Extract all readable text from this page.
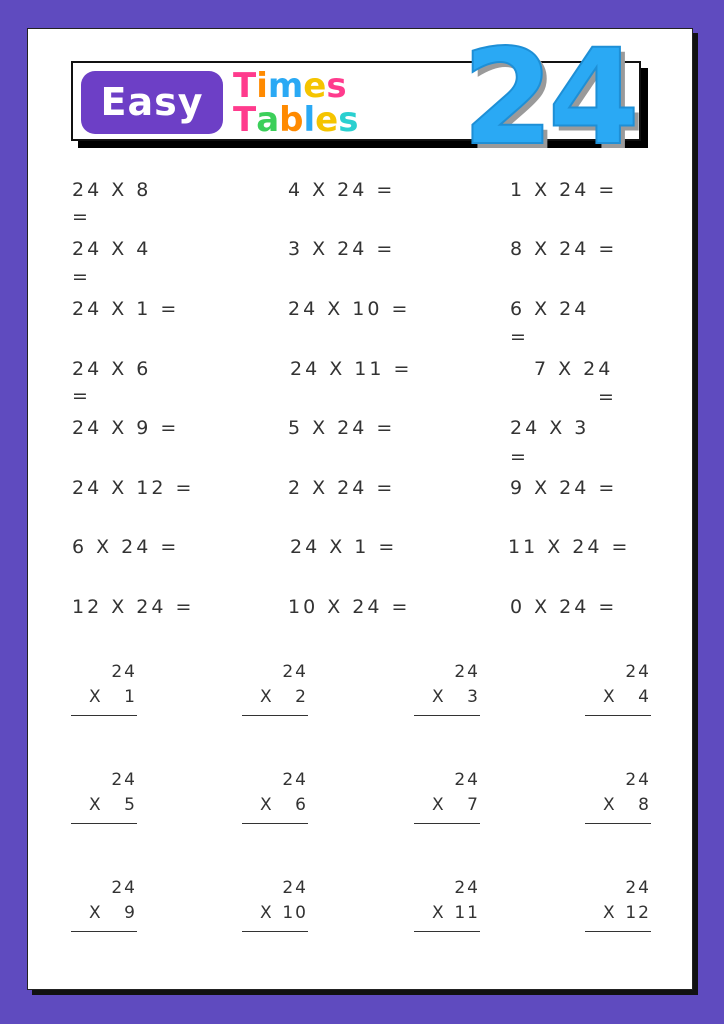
Easy Times
Tables 24
24 X 8
=
24 X 4
=
24 X 1 =
24 X 6
=
24 X 9 =
24 X 12 =
6 X 24 =
12 X 24 =
4 X 24 =
3 X 24 =
24 X 10 =
24 X 11 =
5 X 24 =
2 X 24 =
24 X 1 =
10 X 24 =
1 X 24 =
8 X 24 =
6 X 24
=
7 X 24
=
24 X 3
=
9 X 24 =
11 X 24 =
0 X 24 =
24
X 1
24
X 2
24
X 3
24
X 4
24
X 5
24
X 6
24
X 7
24
X 8
24
X 9
24
X 10
24
X 11
24
X 12
